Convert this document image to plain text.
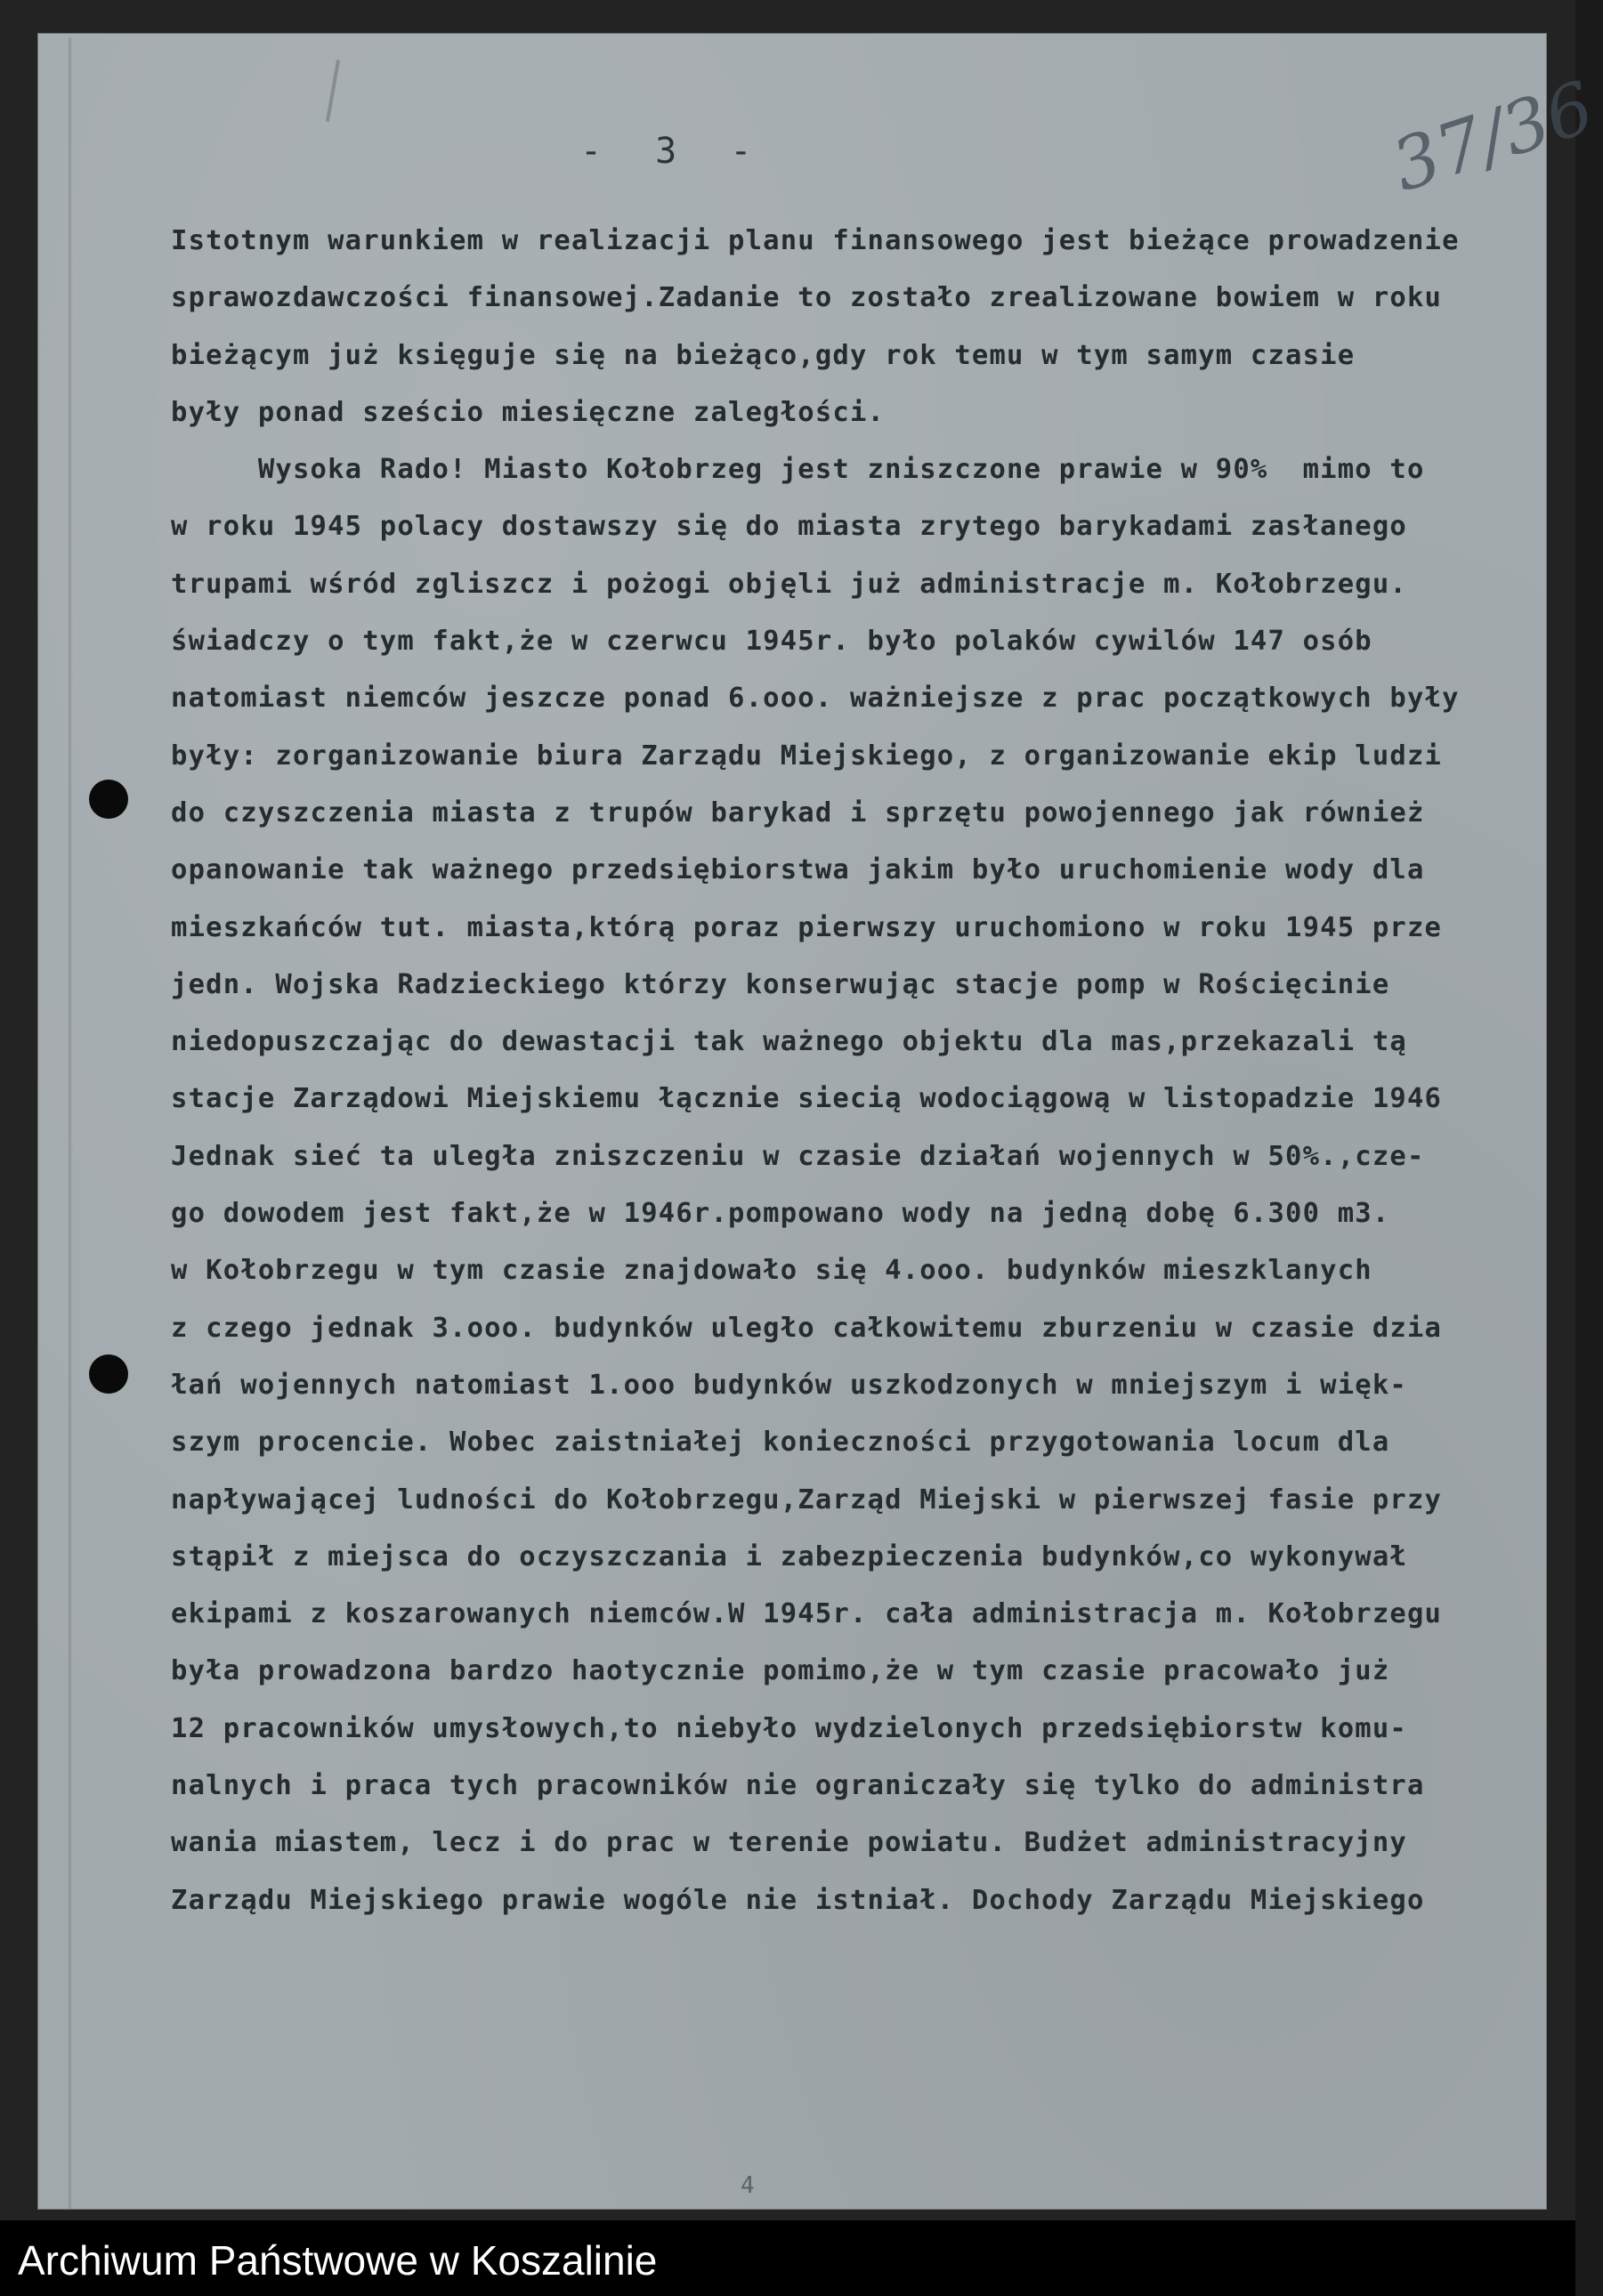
- 3 -	37/36
Istotnym warunkiem w realizacji planu finansowego jest bieżące prowadzenie
sprawozdawczości finansowej.Zadanie to zostało zrealizowane bowiem w roku
bieżącym już księguje się na bieżąco,gdy rok temu w tym samym czasie
były ponad sześcio miesięczne zaległości.
Wysoka Rado! Miasto Kołobrzeg jest zniszczone prawie w 90%  mimo to
w roku 1945 polacy dostawszy się do miasta zrytego barykadami zasłanego
trupami wśród zgliszcz i pożogi objęli już administracje m. Kołobrzegu.
świadczy o tym fakt,że w czerwcu 1945r. było polaków cywilów 147 osób
natomiast niemców jeszcze ponad 6.ooo. ważniejsze z prac początkowych były
były: zorganizowanie biura Zarządu Miejskiego, z organizowanie ekip ludzi
do czyszczenia miasta z trupów barykad i sprzętu powojennego jak również
opanowanie tak ważnego przedsiębiorstwa jakim było uruchomienie wody dla
mieszkańców tut. miasta,którą poraz pierwszy uruchomiono w roku 1945 prze
jedn. Wojska Radzieckiego którzy konserwując stacje pomp w Rościęcinie
niedopuszczając do dewastacji tak ważnego objektu dla mas,przekazali tą
stacje Zarządowi Miejskiemu łącznie siecią wodociągową w listopadzie 1946
Jednak sieć ta uległa zniszczeniu w czasie działań wojennych w 50%.,cze-
go dowodem jest fakt,że w 1946r.pompowano wody na jedną dobę 6.300 m3.
w Kołobrzegu w tym czasie znajdowało się 4.ooo. budynków mieszklanych
z czego jednak 3.ooo. budynków uległo całkowitemu zburzeniu w czasie dzia
łań wojennych natomiast 1.ooo budynków uszkodzonych w mniejszym i więk-
szym procencie. Wobec zaistniałej konieczności przygotowania locum dla
napływającej ludności do Kołobrzegu,Zarząd Miejski w pierwszej fasie przy
stąpił z miejsca do oczyszczania i zabezpieczenia budynków,co wykonywał
ekipami z koszarowanych niemców.W 1945r. cała administracja m. Kołobrzegu
była prowadzona bardzo haotycznie pomimo,że w tym czasie pracowało już
12 pracowników umysłowych,to niebyło wydzielonych przedsiębiorstw komu-
nalnych i praca tych pracowników nie ograniczały się tylko do administra
wania miastem, lecz i do prac w terenie powiatu. Budżet administracyjny
Zarządu Miejskiego prawie wogóle nie istniał. Dochody Zarządu Miejskiego
4
Archiwum Państwowe w Koszalinie
